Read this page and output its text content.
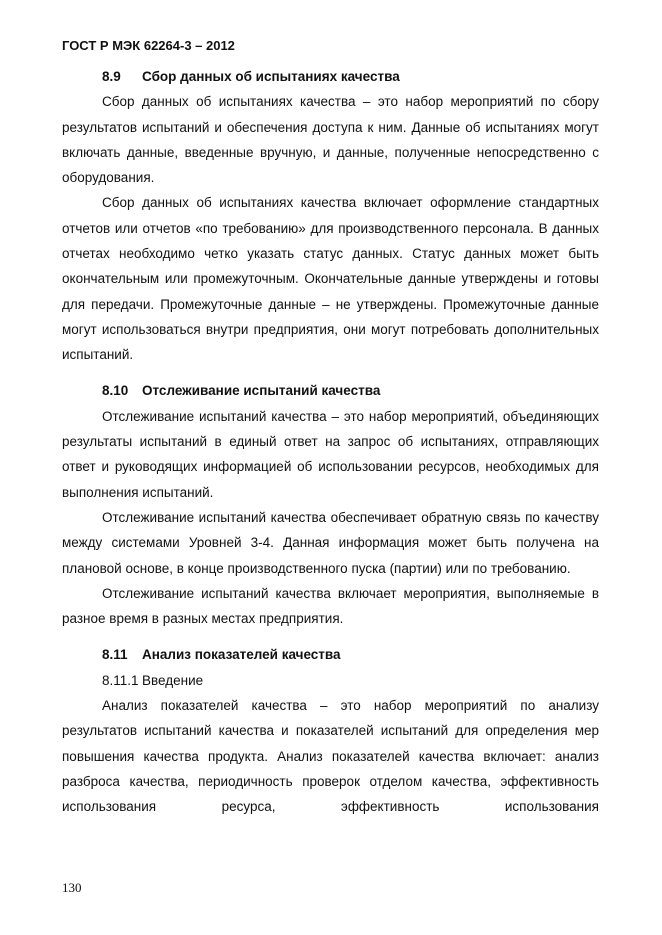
ГОСТ Р МЭК 62264-3 – 2012
8.9 Сбор данных об испытаниях качества

Сбор данных об испытаниях качества – это набор мероприятий по сбору результатов испытаний и обеспечения доступа к ним. Данные об испытаниях могут включать данные, введенные вручную, и данные, полученные непосредственно с оборудования.

Сбор данных об испытаниях качества включает оформление стандартных отчетов или отчетов «по требованию» для производственного персонала. В данных отчетах необходимо четко указать статус данных. Статус данных может быть окончательным или промежуточным. Окончательные данные утверждены и готовы для передачи. Промежуточные данные – не утверждены. Промежуточные данные могут использоваться внутри предприятия, они могут потребовать дополнительных испытаний.

8.10 Отслеживание испытаний качества

Отслеживание испытаний качества – это набор мероприятий, объединяющих результаты испытаний в единый ответ на запрос об испытаниях, отправляющих ответ и руководящих информацией об использовании ресурсов, необходимых для выполнения испытаний.

Отслеживание испытаний качества обеспечивает обратную связь по качеству между системами Уровней 3-4. Данная информация может быть получена на плановой основе, в конце производственного пуска (партии) или по требованию.

Отслеживание испытаний качества включает мероприятия, выполняемые в разное время в разных местах предприятия.

8.11 Анализ показателей качества
8.11.1 Введение

Анализ показателей качества – это набор мероприятий по анализу результатов испытаний качества и показателей испытаний для определения мер повышения качества продукта. Анализ показателей качества включает: анализ разброса качества, периодичность проверок отделом качества, эффективность использования ресурса, эффективность использования

130
